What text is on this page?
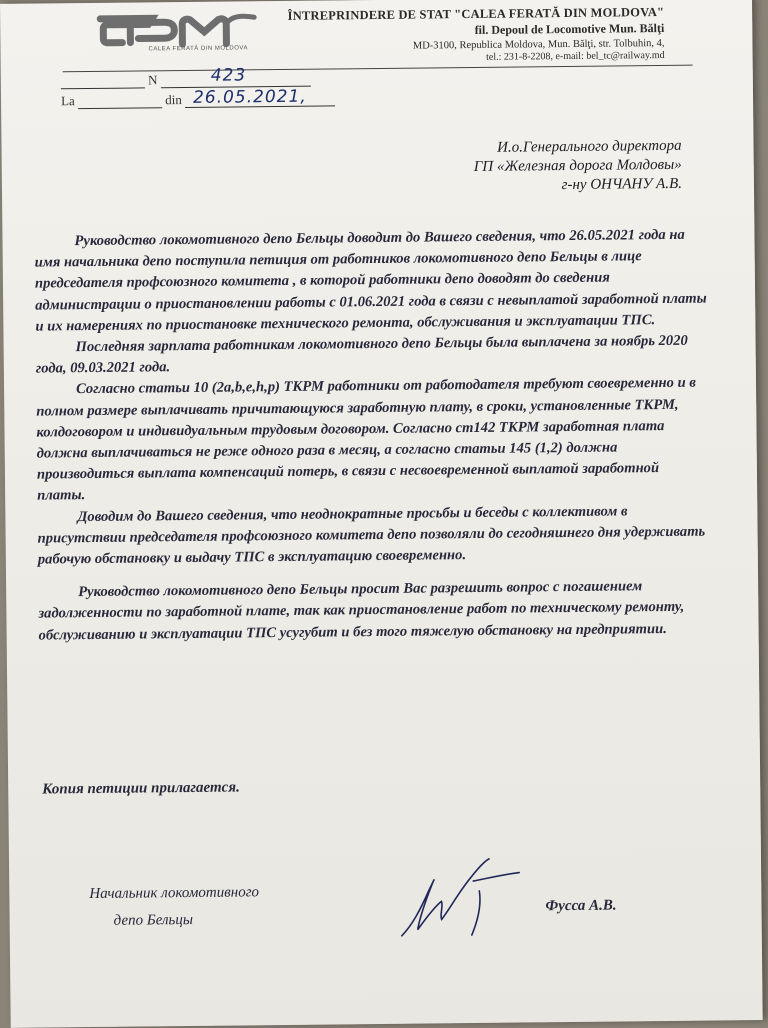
CALEA FERATĂ DIN MOLDOVA
ÎNTREPRINDERE DE STAT "CALEA FERATĂ DIN MOLDOVA"
fil. Depoul de Locomotive Mun. Bălţi
MD-3100, Republica Moldova, Mun. Bălţi, str. Tolbuhin, 4,
tel.: 231-8-2208, e-mail: bel_tc@railway.md
N	423
La	din 26.05.2021,
И.о.Генерального директора
ГП «Железная дорога Молдовы»
г-ну ОНЧАНУ А.В.

Руководство локомотивного депо Бельцы доводит до Вашего сведения, что 26.05.2021 года на имя начальника депо поступила петиция от работников локомотивного депо Бельцы в лице председателя профсоюзного комитета , в которой работники депо доводят до сведения администрации о приостановлении работы с 01.06.2021 года в связи с невыплатой заработной платы и их намерениях по приостановке технического ремонта, обслуживания и эксплуатации ТПС.

Последняя зарплата работникам локомотивного депо Бельцы была выплачена за ноябрь 2020 года, 09.03.2021 года.

Согласно статьи 10 (2a,b,e,h,p) ТКРМ работники от работодателя требуют своевременно и в полном размере выплачивать причитающуюся заработную плату, в сроки, установленные ТКРМ, колдоговором и индивидуальным трудовым договором. Согласно ст142 ТКРМ заработная плата должна выплачиваться не реже одного раза в месяц, а согласно статьи 145 (1,2) должна производиться выплата компенсаций потерь, в связи с несвоевременной выплатой заработной платы.

Доводим до Вашего сведения, что неоднократные просьбы и беседы с коллективом в присутствии председателя профсоюзного комитета депо позволяли до сегодняшнего дня удерживать рабочую обстановку и выдачу ТПС в эксплуатацию своевременно.

Руководство локомотивного депо Бельцы просит Вас разрешить вопрос с погашением задолженности по заработной плате, так как приостановление работ по техническому ремонту, обслуживанию и эксплуатации ТПС усугубит и без того тяжелую обстановку на предприятии.

Копия петиции прилагается.
Начальник локомотивного
депо Бельцы
Фусса А.В.
